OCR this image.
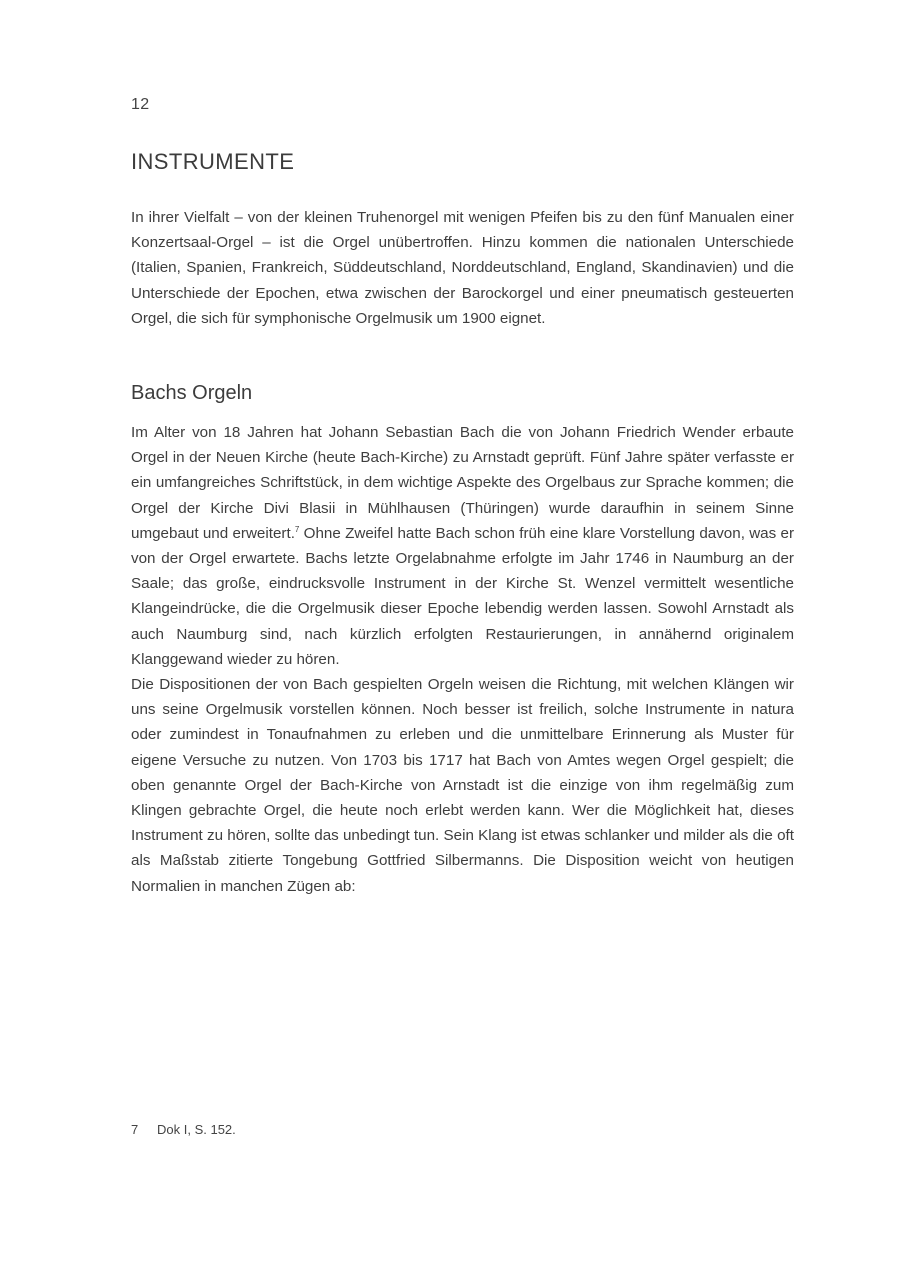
12
INSTRUMENTE

In ihrer Vielfalt – von der kleinen Truhenorgel mit wenigen Pfeifen bis zu den fünf Manualen einer Konzertsaal-Orgel – ist die Orgel unübertroffen. Hinzu kommen die nationalen Unterschiede (Italien, Spanien, Frankreich, Süddeutschland, Norddeutschland, England, Skandinavien) und die Unterschiede der Epochen, etwa zwischen der Barockorgel und einer pneumatisch gesteuerten Orgel, die sich für symphonische Orgelmusik um 1900 eignet.

Bachs Orgeln
Im Alter von 18 Jahren hat Johann Sebastian Bach die von Johann Friedrich Wender erbaute Orgel in der Neuen Kirche (heute Bach-Kirche) zu Arnstadt geprüft. Fünf Jahre später verfasste er ein umfangreiches Schriftstück, in dem wichtige Aspekte des Orgelbaus zur Sprache kommen; die Orgel der Kirche Divi Blasii in Mühlhausen (Thüringen) wurde daraufhin in seinem Sinne umgebaut und erweitert.$^7$ Ohne Zweifel hatte Bach schon früh eine klare Vorstellung davon, was er von der Orgel erwartete. Bachs letzte Orgelabnahme erfolgte im Jahr 1746 in Naumburg an der Saale; das große, eindrucksvolle Instrument in der Kirche St. Wenzel vermittelt wesentliche Klangeindrücke, die die Orgelmusik dieser Epoche lebendig werden lassen. Sowohl Arnstadt als auch Naumburg sind, nach kürzlich erfolgten Restaurierungen, in annähernd originalem Klanggewand wieder zu hören.
Die Dispositionen der von Bach gespielten Orgeln weisen die Richtung, mit welchen Klängen wir uns seine Orgelmusik vorstellen können. Noch besser ist freilich, solche Instrumente in natura oder zumindest in Tonaufnahmen zu erleben und die unmittelbare Erinnerung als Muster für eigene Versuche zu nutzen. Von 1703 bis 1717 hat Bach von Amtes wegen Orgel gespielt; die oben genannte Orgel der Bach-Kirche von Arnstadt ist die einzige von ihm regelmäßig zum Klingen gebrachte Orgel, die heute noch erlebt werden kann. Wer die Möglichkeit hat, dieses Instrument zu hören, sollte das unbedingt tun. Sein Klang ist etwas schlanker und milder als die oft als Maßstab zitierte Tongebung Gottfried Silbermanns. Die Disposition weicht von heutigen Normalien in manchen Zügen ab:
7 Dok I, S. 152.
